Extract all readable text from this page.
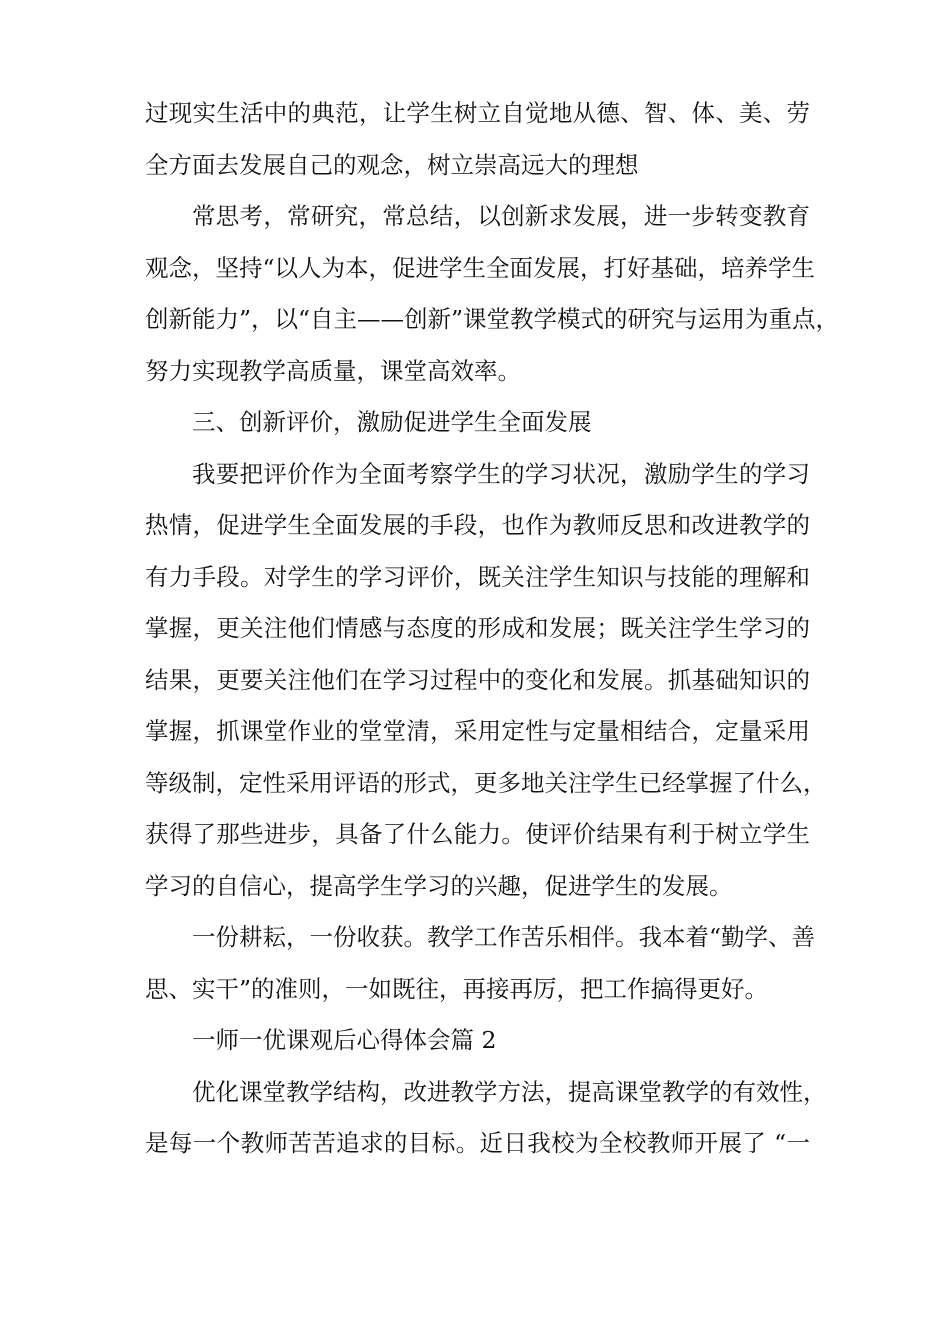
过现实生活中的典范，让学生树立自觉地从德、智、体、美、劳
全方面去发展自己的观念，树立崇高远大的理想
常思考，常研究，常总结，以创新求发展，进一步转变教育
观念，坚持“以人为本，促进学生全面发展，打好基础，培养学生
创新能力”，以“自主——创新”课堂教学模式的研究与运用为重点，
努力实现教学高质量，课堂高效率。
三、创新评价，激励促进学生全面发展
我要把评价作为全面考察学生的学习状况，激励学生的学习
热情，促进学生全面发展的手段，也作为教师反思和改进教学的
有力手段。对学生的学习评价，既关注学生知识与技能的理解和
掌握，更关注他们情感与态度的形成和发展；既关注学生学习的
结果，更要关注他们在学习过程中的变化和发展。抓基础知识的
掌握，抓课堂作业的堂堂清，采用定性与定量相结合，定量采用
等级制，定性采用评语的形式，更多地关注学生已经掌握了什么，
获得了那些进步，具备了什么能力。使评价结果有利于树立学生
学习的自信心，提高学生学习的兴趣，促进学生的发展。
一份耕耘，一份收获。教学工作苦乐相伴。我本着“勤学、善
思、实干”的准则，一如既往，再接再厉，把工作搞得更好。
一师一优课观后心得体会篇 2
优化课堂教学结构，改进教学方法，提高课堂教学的有效性，
是每一个教师苦苦追求的目标。近日我校为全校教师开展了 “一
